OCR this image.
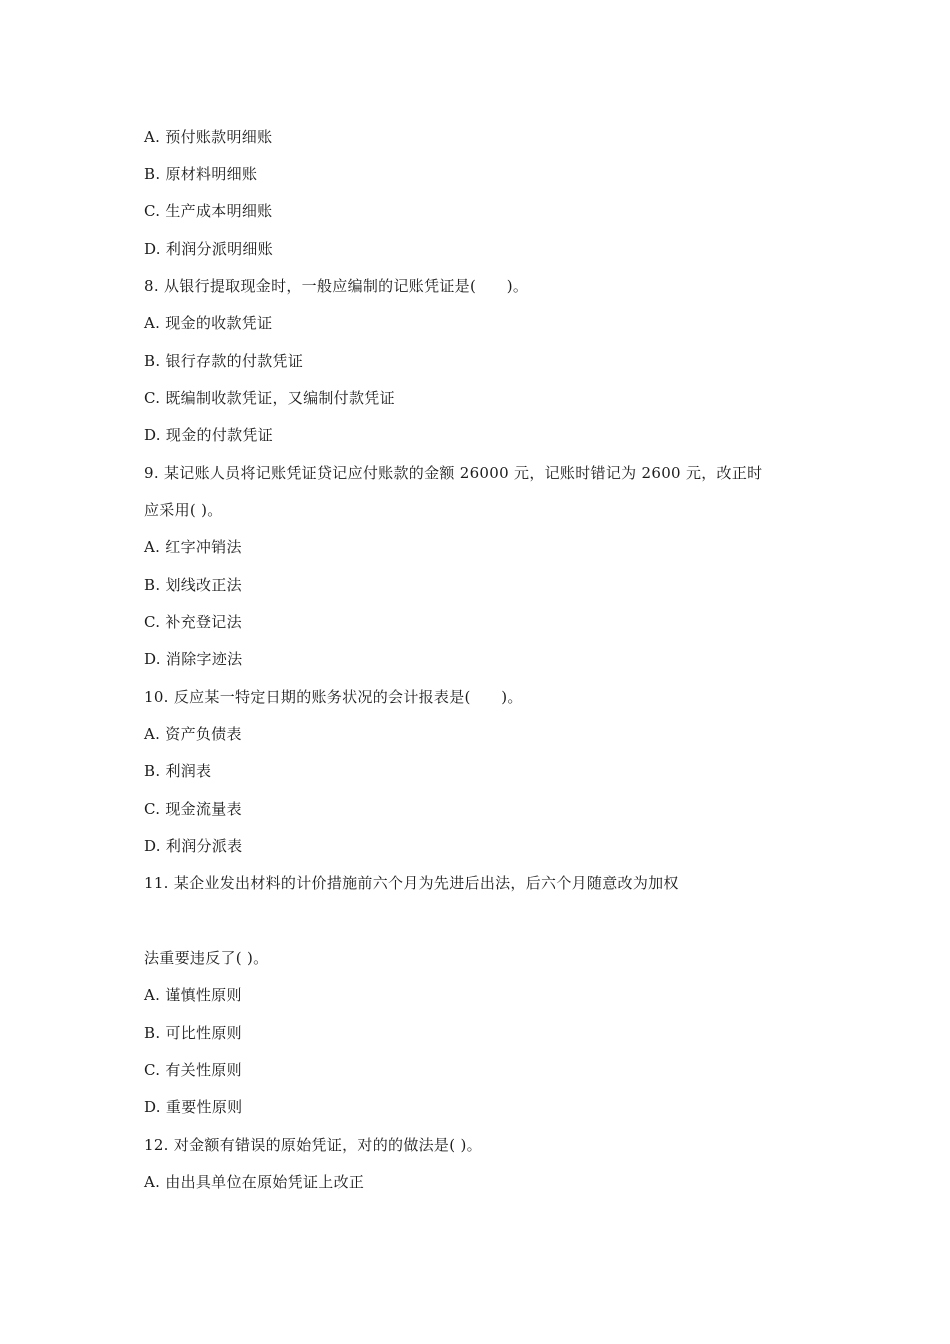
A. 预付账款明细账
B. 原材料明细账
C. 生产成本明细账
D. 利润分派明细账
8. 从银行提取现金时，一般应编制的记账凭证是(　　)。
A. 现金的收款凭证
B. 银行存款的付款凭证
C. 既编制收款凭证，又编制付款凭证
D. 现金的付款凭证
9. 某记账人员将记账凭证贷记应付账款的金额 26000 元，记账时错记为 2600 元，改正时
应采用( )。
A. 红字冲销法
B. 划线改正法
C. 补充登记法
D. 消除字迹法
10. 反应某一特定日期的账务状况的会计报表是(　　)。
A. 资产负债表
B. 利润表
C. 现金流量表
D. 利润分派表
11. 某企业发出材料的计价措施前六个月为先进后出法，后六个月随意改为加权
法重要违反了( )。
A. 谨慎性原则
B. 可比性原则
C. 有关性原则
D. 重要性原则
12. 对金额有错误的原始凭证，对的的做法是( )。
A. 由出具单位在原始凭证上改正
